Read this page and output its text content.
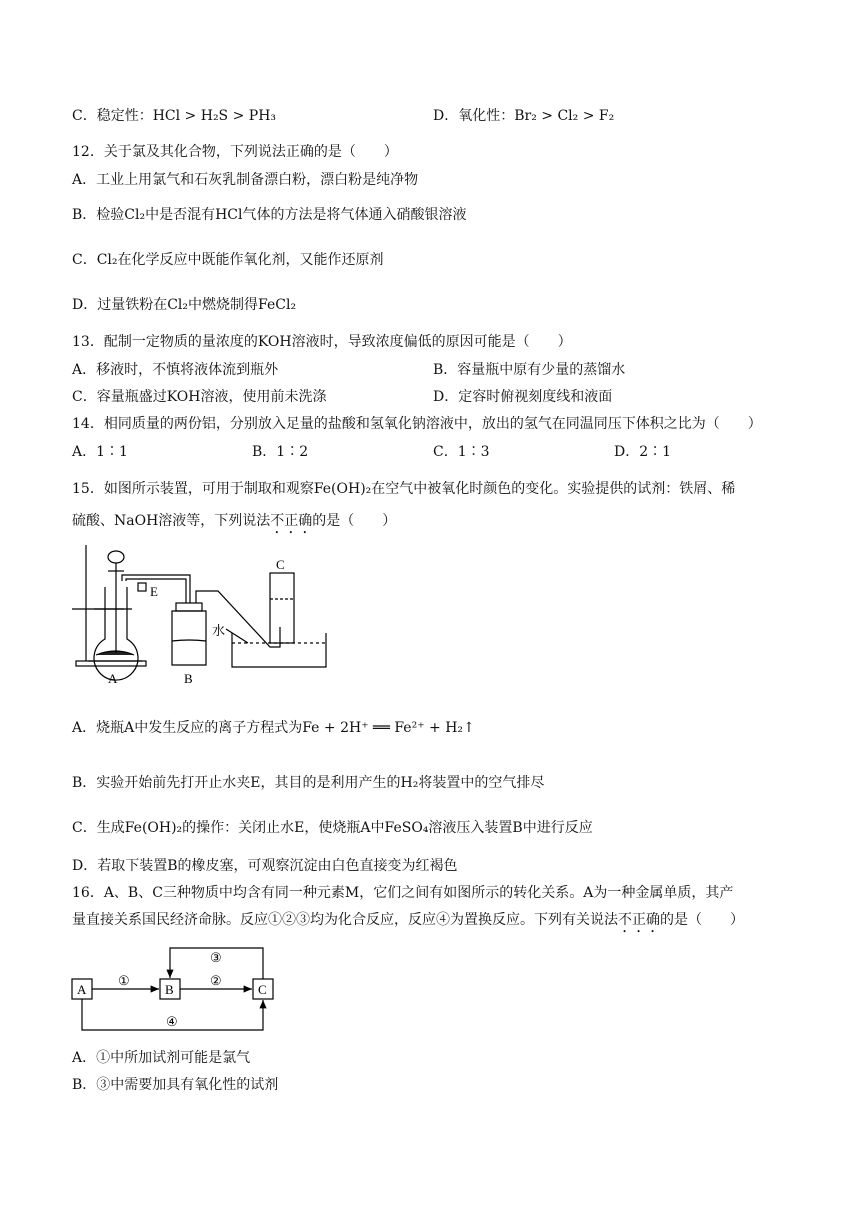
C．稳定性：HCl > H₂S > PH₃	D．氧化性：Br₂ > Cl₂ > F₂
12．关于氯及其化合物，下列说法正确的是（　　）
A．工业上用氯气和石灰乳制备漂白粉，漂白粉是纯净物
B．检验Cl₂中是否混有HCl气体的方法是将气体通入硝酸银溶液
C．Cl₂在化学反应中既能作氧化剂，又能作还原剂
D．过量铁粉在Cl₂中燃烧制得FeCl₂
13．配制一定物质的量浓度的KOH溶液时，导致浓度偏低的原因可能是（　　）
A．移液时，不慎将液体流到瓶外	B．容量瓶中原有少量的蒸馏水
C．容量瓶盛过KOH溶液，使用前未洗涤	D．定容时俯视刻度线和液面
14．相同质量的两份铝，分别放入足量的盐酸和氢氧化钠溶液中，放出的氢气在同温同压下体积之比为（　　）
A．1∶1	B．1∶2	C．1∶3	D．2∶1
15．如图所示装置，可用于制取和观察Fe(OH)₂在空气中被氧化时颜色的变化。实验提供的试剂：铁屑、稀
硫酸、NaOH溶液等，下列说法不正确的是（　　）
A	B
C
E
水
A．烧瓶A中发生反应的离子方程式为Fe + 2H⁺ ══ Fe²⁺ + H₂↑
B．实验开始前先打开止水夹E，其目的是利用产生的H₂将装置中的空气排尽
C．生成Fe(OH)₂的操作：关闭止水E，使烧瓶A中FeSO₄溶液压入装置B中进行反应
D．若取下装置B的橡皮塞，可观察沉淀由白色直接变为红褐色
16．A、B、C三种物质中均含有同一种元素M，它们之间有如图所示的转化关系。A为一种金属单质，其产
量直接关系国民经济命脉。反应①②③均为化合反应，反应④为置换反应。下列有关说法不正确的是（　　）
A	B	C
①	②
③
④
A．①中所加试剂可能是氯气
B．③中需要加具有氧化性的试剂
